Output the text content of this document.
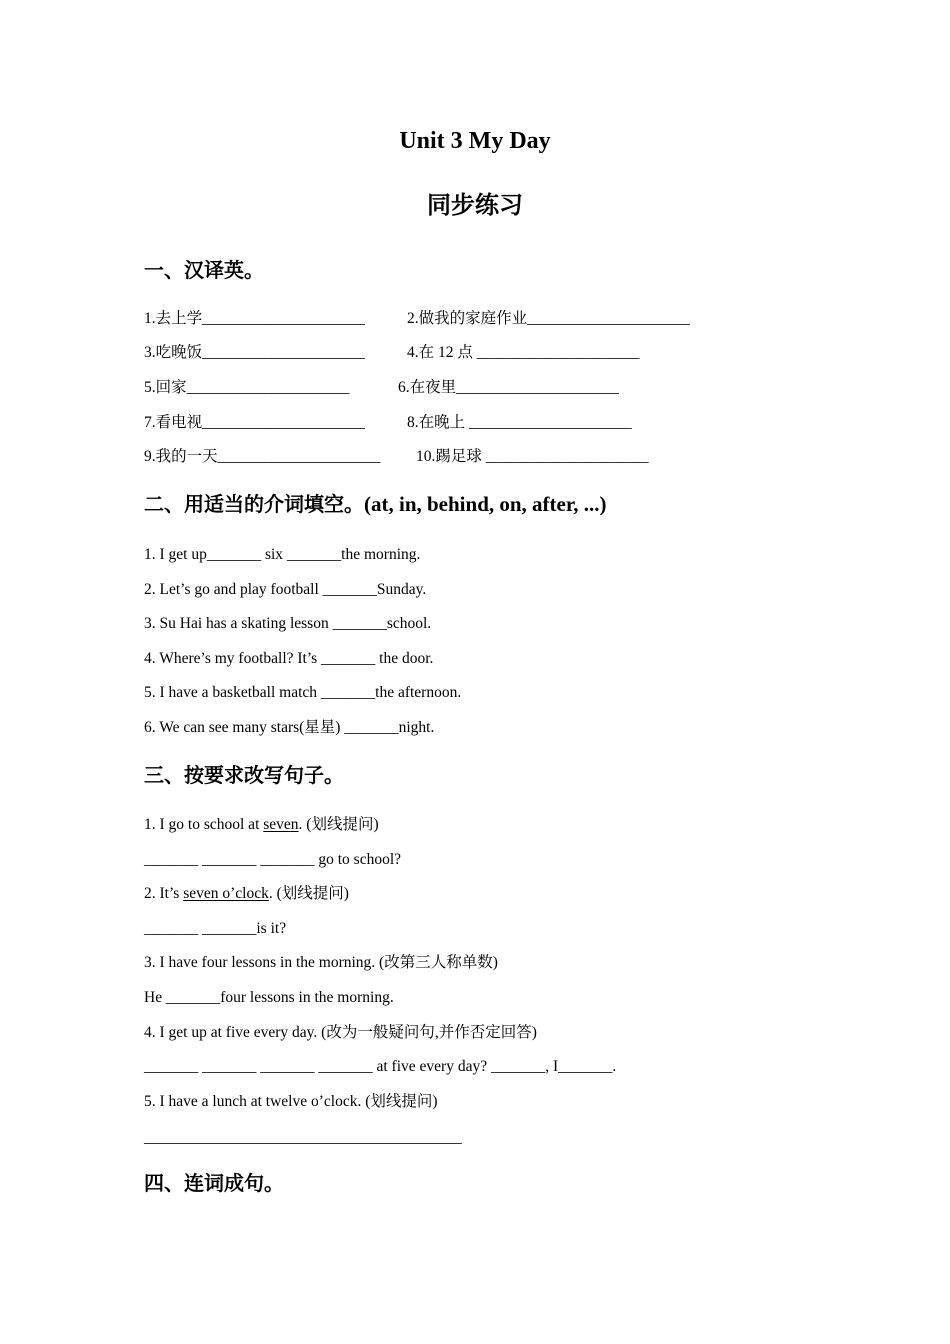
Unit 3 My Day
同步练习
一、汉译英。
1.去上学_____________________	2.做我的家庭作业_____________________
3.吃晚饭_____________________	4.在 12 点 _____________________
5.回家_____________________	6.在夜里_____________________
7.看电视_____________________	8.在晚上 _____________________
9.我的一天_____________________ 10.踢足球 _____________________
二、用适当的介词填空。(at, in, behind, on, after, ...)
1. I get up_______ six _______the morning.
2. Let’s go and play football _______Sunday.
3. Su Hai has a skating lesson _______school.
4. Where’s my football? It’s _______ the door.
5. I have a basketball match _______the afternoon.
6. We can see many stars(星星) _______night.
三、按要求改写句子。
1. I go to school at seven. (划线提问)
_______ _______ _______ go to school?
2. It’s seven o’clock. (划线提问)
_______ _______is it?
3. I have four lessons in the morning. (改第三人称单数)
He _______four lessons in the morning.
4. I get up at five every day. (改为一般疑问句,并作否定回答)
_______ _______ _______ _______ at five every day? _______, I_______.
5. I have a lunch at twelve o’clock. (划线提问)
_________________________________________
四、连词成句。
